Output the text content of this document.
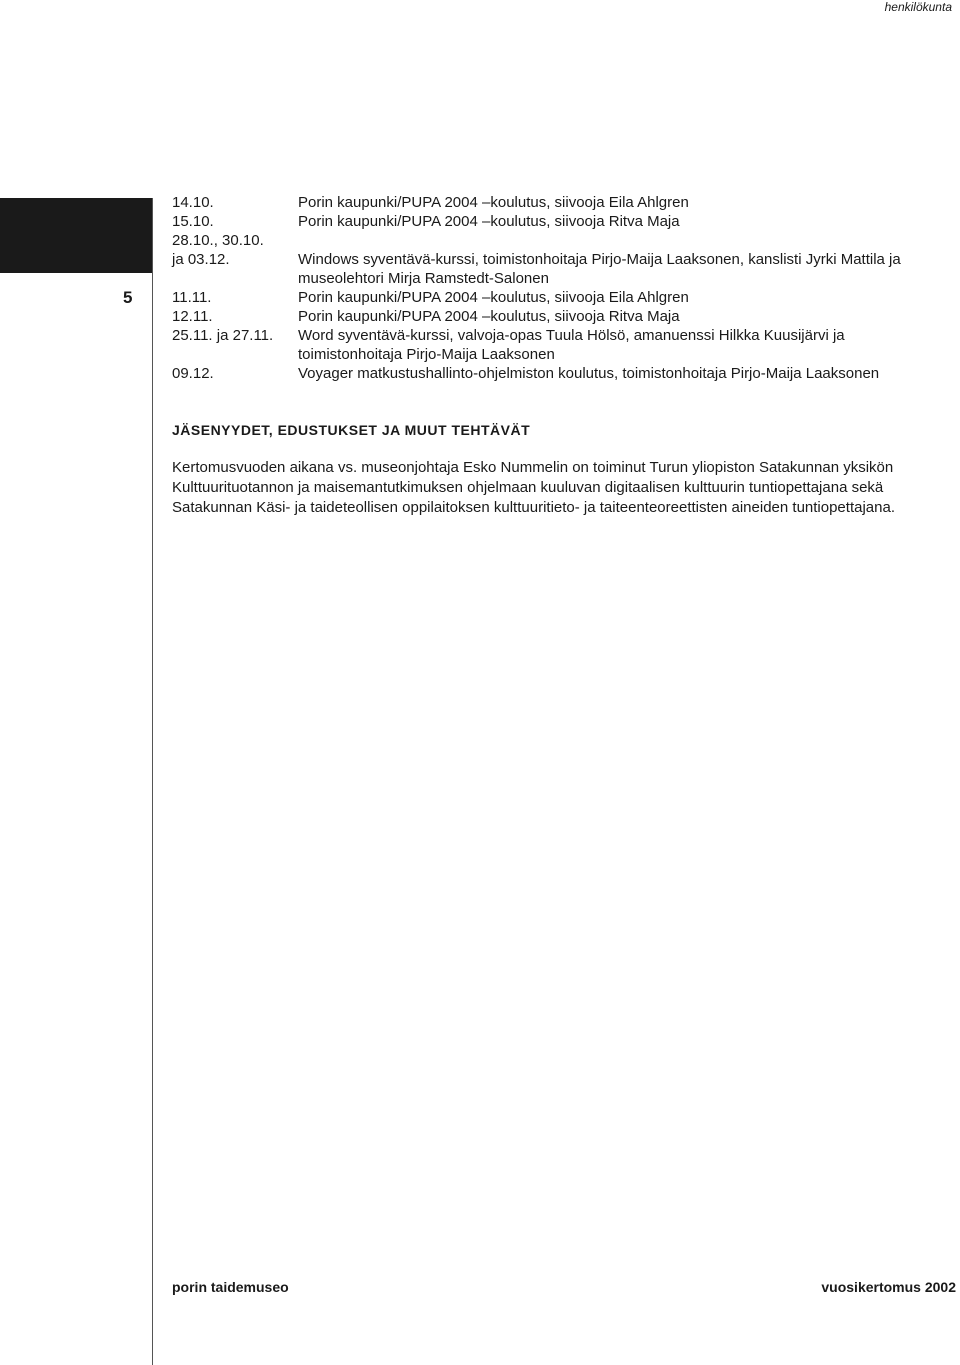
henkilökunta
5
14.10.	Porin kaupunki/PUPA 2004 –koulutus, siivooja Eila Ahlgren
15.10.	Porin kaupunki/PUPA 2004 –koulutus, siivooja Ritva Maja
28.10., 30.10.
ja 03.12.	Windows syventävä-kurssi, toimistonhoitaja Pirjo-Maija Laaksonen, kanslisti Jyrki Mattila ja museolehtori Mirja Ramstedt-Salonen
11.11.	Porin kaupunki/PUPA 2004 –koulutus, siivooja Eila Ahlgren
12.11.	Porin kaupunki/PUPA 2004 –koulutus, siivooja Ritva Maja
25.11. ja 27.11.	Word syventävä-kurssi, valvoja-opas Tuula Hölsö, amanuenssi Hilkka Kuusijärvi ja toimistonhoitaja Pirjo-Maija Laaksonen
09.12.	Voyager matkustushallinto-ohjelmiston koulutus, toimistonhoitaja Pirjo-Maija Laaksonen
JÄSENYYDET, EDUSTUKSET JA MUUT TEHTÄVÄT

Kertomusvuoden aikana vs. museonjohtaja Esko Nummelin on toiminut Turun yliopiston Satakunnan yksikön Kulttuurituotannon ja maisemantutkimuksen ohjelmaan kuuluvan digitaalisen kulttuurin tuntiopettajana sekä Satakunnan Käsi- ja taideteollisen oppilaitoksen kulttuuritieto- ja taiteenteoreettisten aineiden tuntiopettajana.

porin taidemuseo	vuosikertomus 2002
